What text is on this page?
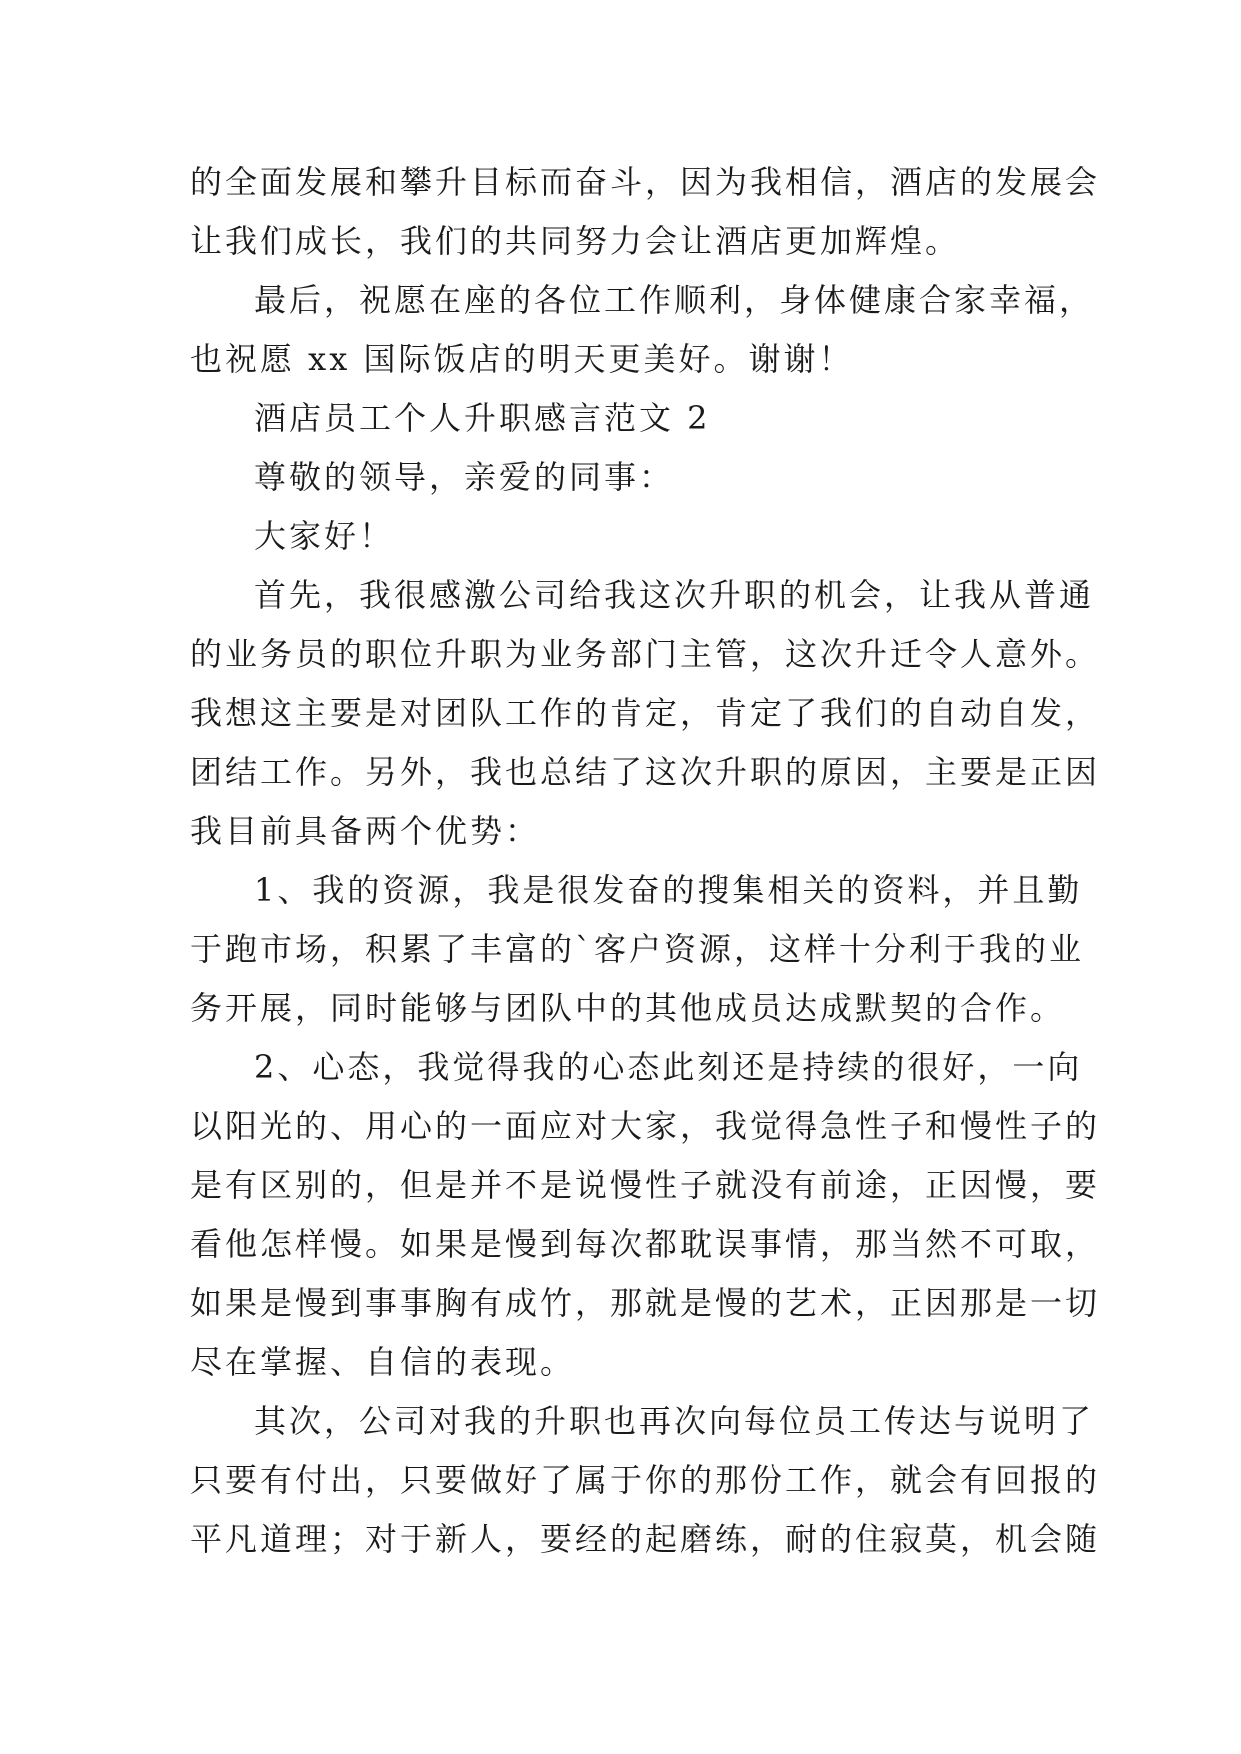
的全面发展和攀升目标而奋斗，因为我相信，酒店的发展会
让我们成长，我们的共同努力会让酒店更加辉煌。
最后，祝愿在座的各位工作顺利，身体健康合家幸福，
也祝愿 xx 国际饭店的明天更美好。谢谢！
酒店员工个人升职感言范文 2
尊敬的领导，亲爱的同事：
大家好！
首先，我很感激公司给我这次升职的机会，让我从普通
的业务员的职位升职为业务部门主管，这次升迁令人意外。
我想这主要是对团队工作的肯定，肯定了我们的自动自发，
团结工作。另外，我也总结了这次升职的原因，主要是正因
我目前具备两个优势：
1、我的资源，我是很发奋的搜集相关的资料，并且勤
于跑市场，积累了丰富的`客户资源，这样十分利于我的业
务开展，同时能够与团队中的其他成员达成默契的合作。
2、心态，我觉得我的心态此刻还是持续的很好，一向
以阳光的、用心的一面应对大家，我觉得急性子和慢性子的
是有区别的，但是并不是说慢性子就没有前途，正因慢，要
看他怎样慢。如果是慢到每次都耽误事情，那当然不可取，
如果是慢到事事胸有成竹，那就是慢的艺术，正因那是一切
尽在掌握、自信的表现。
其次，公司对我的升职也再次向每位员工传达与说明了
只要有付出，只要做好了属于你的那份工作，就会有回报的
平凡道理；对于新人，要经的起磨练，耐的住寂莫，机会随
